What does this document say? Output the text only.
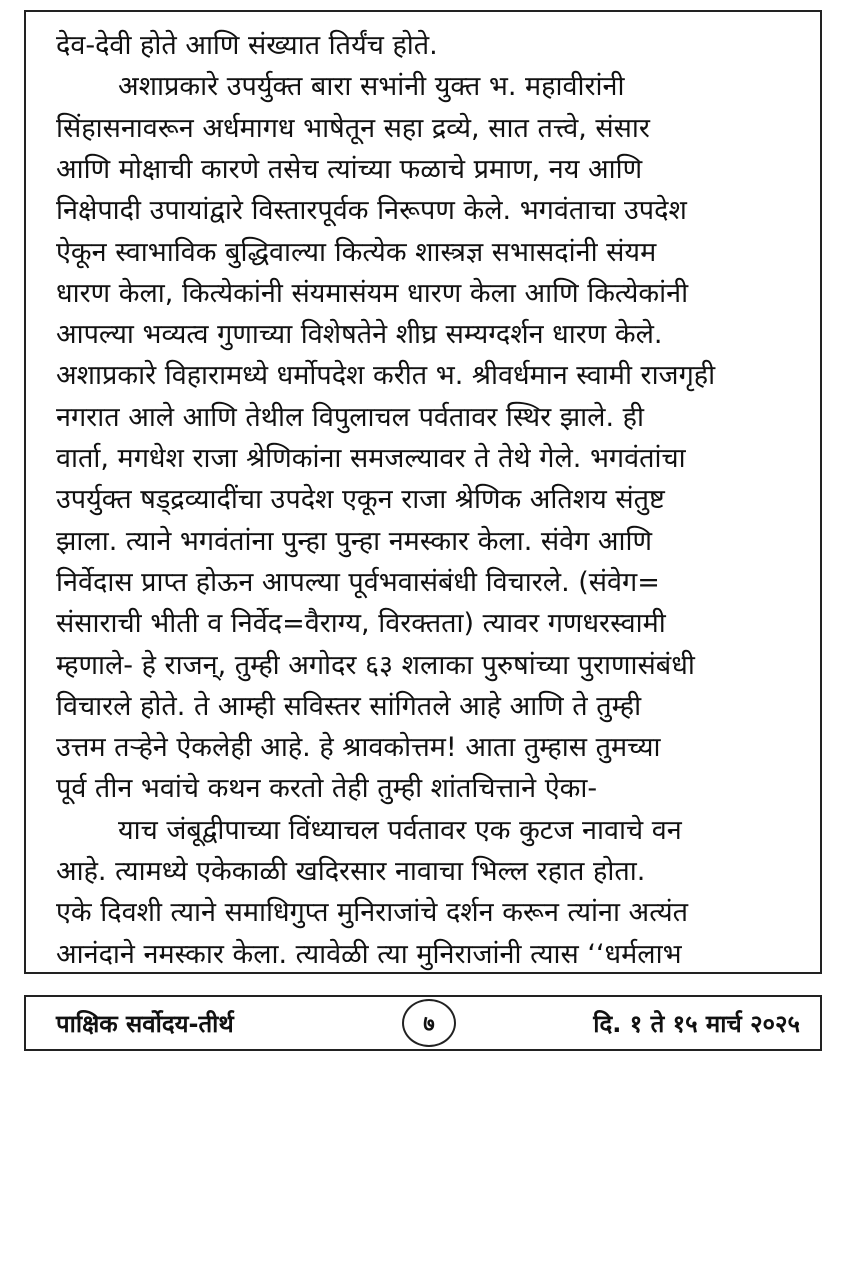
देव-देवी होते आणि संख्यात तिर्यंच होते.
अशाप्रकारे उपर्युक्त बारा सभांनी युक्त भ. महावीरांनी
सिंहासनावरून अर्धमागध भाषेतून सहा द्रव्ये, सात तत्त्वे, संसार
आणि मोक्षाची कारणे तसेच त्यांच्या फळाचे प्रमाण, नय आणि
निक्षेपादी उपायांद्वारे विस्तारपूर्वक निरूपण केले. भगवंताचा उपदेश
ऐकून स्वाभाविक बुद्धिवाल्या कित्येक शास्त्रज्ञ सभासदांनी संयम
धारण केला, कित्येकांनी संयमासंयम धारण केला आणि कित्येकांनी
आपल्या भव्यत्व गुणाच्या विशेषतेने शीघ्र सम्यग्दर्शन धारण केले.
अशाप्रकारे विहारामध्ये धर्मोपदेश करीत भ. श्रीवर्धमान स्वामी राजगृही
नगरात आले आणि तेथील विपुलाचल पर्वतावर स्थिर झाले. ही
वार्ता, मगधेश राजा श्रेणिकांना समजल्यावर ते तेथे गेले. भगवंतांचा
उपर्युक्त षड्द्रव्यादींचा उपदेश एकून राजा श्रेणिक अतिशय संतुष्ट
झाला. त्याने भगवंतांना पुन्हा पुन्हा नमस्कार केला. संवेग आणि
निर्वेदास प्राप्त होऊन आपल्या पूर्वभवासंबंधी विचारले. (संवेग=
संसाराची भीती व निर्वेद=वैराग्य, विरक्तता) त्यावर गणधरस्वामी
म्हणाले- हे राजन्, तुम्ही अगोदर ६३ शलाका पुरुषांच्या पुराणासंबंधी
विचारले होते. ते आम्ही सविस्तर सांगितले आहे आणि ते तुम्ही
उत्तम तऱ्हेने ऐकलेही आहे. हे श्रावकोत्तम! आता तुम्हास तुमच्या
पूर्व तीन भवांचे कथन करतो तेही तुम्ही शांतचित्ताने ऐका-
याच जंबूद्वीपाच्या विंध्याचल पर्वतावर एक कुटज नावाचे वन
आहे. त्यामध्ये एकेकाळी खदिरसार नावाचा भिल्ल रहात होता.
एके दिवशी त्याने समाधिगुप्त मुनिराजांचे दर्शन करून त्यांना अत्यंत
आनंदाने नमस्कार केला. त्यावेळी त्या मुनिराजांनी त्यास ‘‘धर्मलाभ
पाक्षिक सर्वोदय-तीर्थ	७	दि. १ ते १५ मार्च २०२५
